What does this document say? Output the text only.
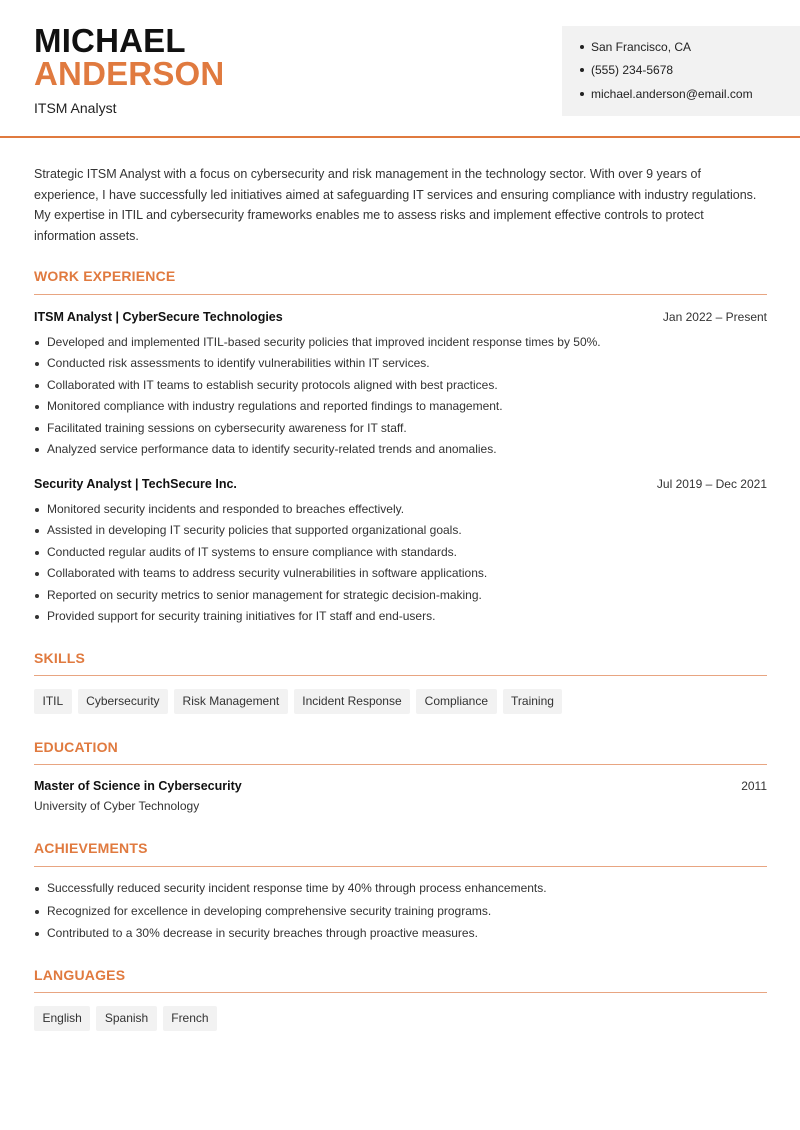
MICHAEL
ANDERSON
ITSM Analyst
San Francisco, CA
(555) 234-5678
michael.anderson@email.com

Strategic ITSM Analyst with a focus on cybersecurity and risk management in the technology sector. With over 9 years of experience, I have successfully led initiatives aimed at safeguarding IT services and ensuring compliance with industry regulations. My expertise in ITIL and cybersecurity frameworks enables me to assess risks and implement effective controls to protect information assets.

WORK EXPERIENCE
ITSM Analyst | CyberSecure Technologies	Jan 2022 – Present
Developed and implemented ITIL-based security policies that improved incident response times by 50%.
Conducted risk assessments to identify vulnerabilities within IT services.
Collaborated with IT teams to establish security protocols aligned with best practices.
Monitored compliance with industry regulations and reported findings to management.
Facilitated training sessions on cybersecurity awareness for IT staff.
Analyzed service performance data to identify security-related trends and anomalies.
Security Analyst | TechSecure Inc.	Jul 2019 – Dec 2021
Monitored security incidents and responded to breaches effectively.
Assisted in developing IT security policies that supported organizational goals.
Conducted regular audits of IT systems to ensure compliance with standards.
Collaborated with teams to address security vulnerabilities in software applications.
Reported on security metrics to senior management for strategic decision-making.
Provided support for security training initiatives for IT staff and end-users.
SKILLS
ITIL	Cybersecurity	Risk Management	Incident Response	Compliance	Training
EDUCATION
Master of Science in Cybersecurity	2011
University of Cyber Technology
ACHIEVEMENTS
Successfully reduced security incident response time by 40% through process enhancements.
Recognized for excellence in developing comprehensive security training programs.
Contributed to a 30% decrease in security breaches through proactive measures.
LANGUAGES
English	Spanish	French
